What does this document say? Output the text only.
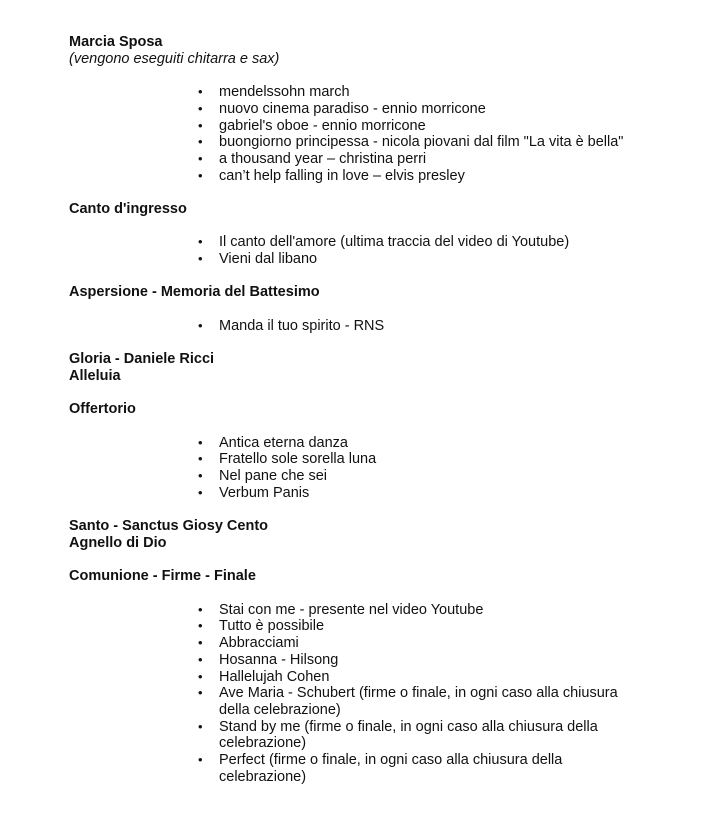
Marcia Sposa

(vengono eseguiti chitarra e sax)

• mendelssohn march
• nuovo cinema paradiso - ennio morricone
• gabriel's oboe - ennio morricone
• buongiorno principessa - nicola piovani dal film "La vita è bella"
• a thousand year – christina perri
• can’t help falling in love – elvis presley

Canto d'ingresso

• Il canto dell'amore (ultima traccia del video di Youtube)
• Vieni dal libano

Aspersione - Memoria del Battesimo

• Manda il tuo spirito - RNS

Gloria - Daniele Ricci

Alleluia

Offertorio

• Antica eterna danza
• Fratello sole sorella luna
• Nel pane che sei
• Verbum Panis

Santo - Sanctus Giosy Cento

Agnello di Dio

Comunione - Firme - Finale

• Stai con me - presente nel video Youtube
• Tutto è possibile
• Abbracciami
• Hosanna - Hilsong
• Hallelujah Cohen
• Ave Maria - Schubert (firme o finale, in ogni caso alla chiusura della celebrazione)
• Stand by me (firme o finale, in ogni caso alla chiusura della celebrazione)
• Perfect (firme o finale, in ogni caso alla chiusura della celebrazione)
